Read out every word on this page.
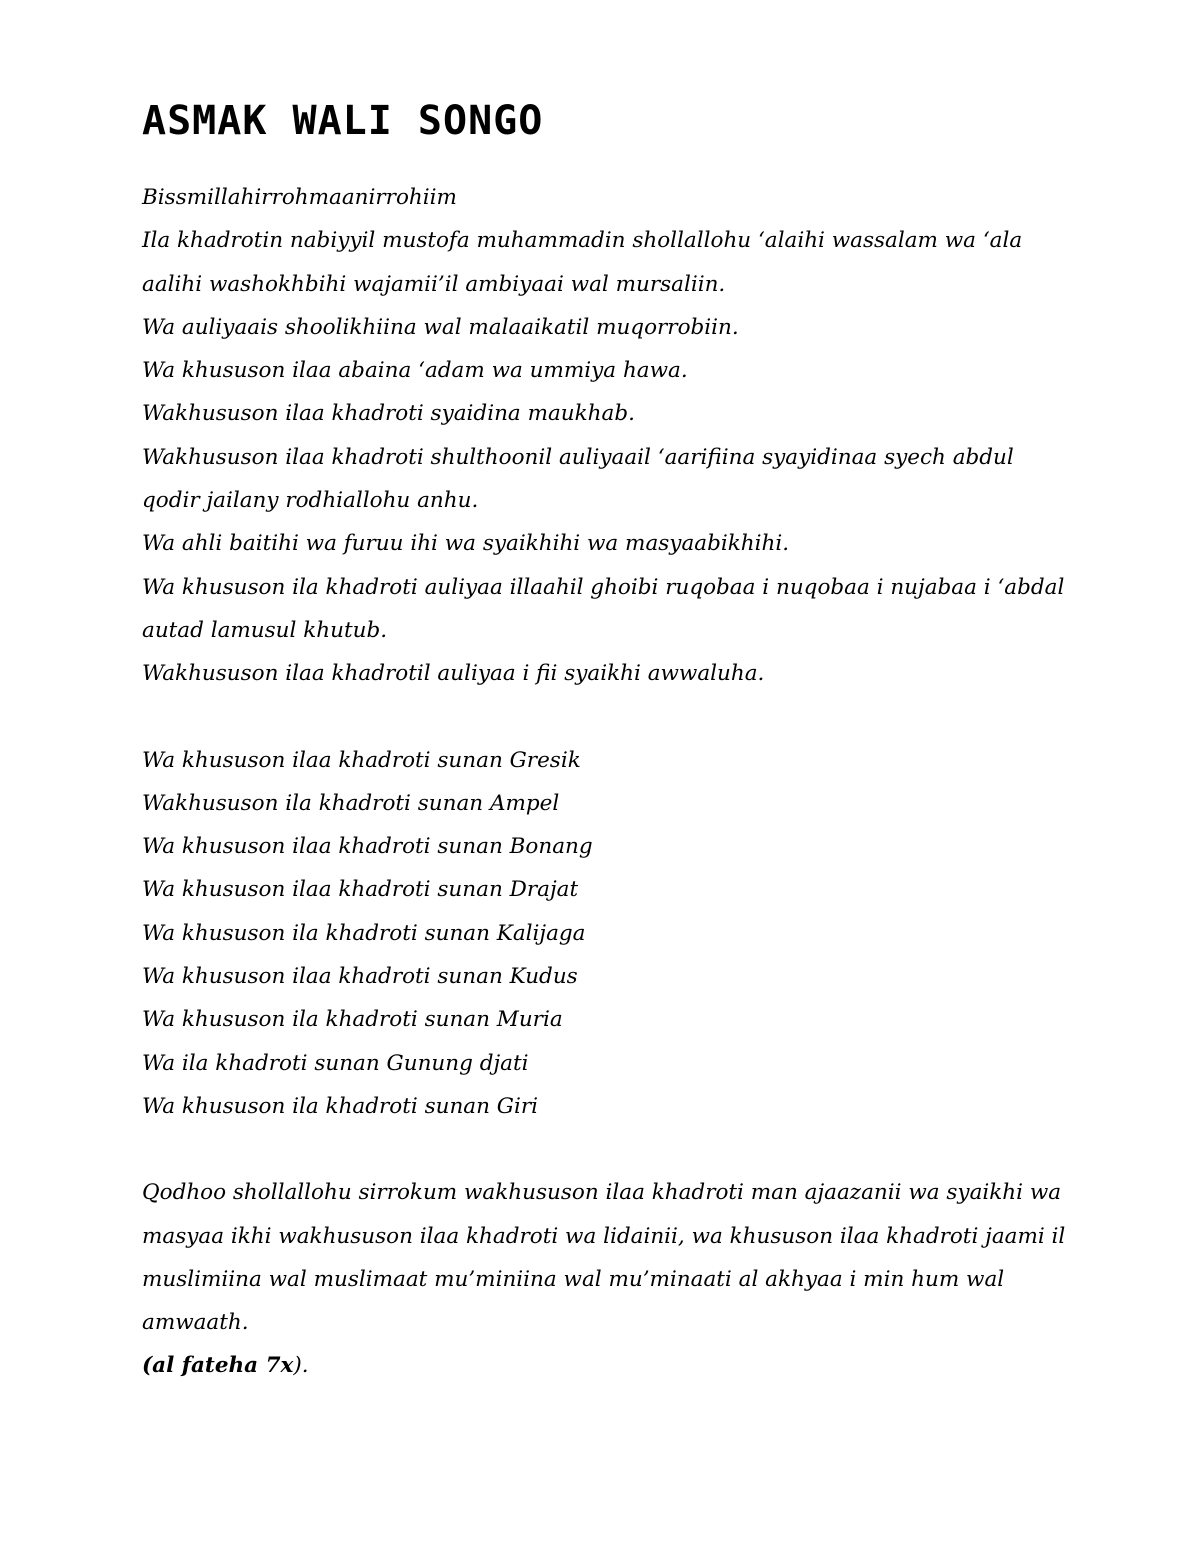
ASMAK WALI SONGO
Bissmillahirrohmaanirrohiim
Ila khadrotin nabiyyil mustofa muhammadin shollallohu ‘alaihi wassalam wa ‘ala aalihi washokhbihi wajamii’il ambiyaai wal mursaliin.
Wa auliyaais shoolikhiina wal malaaikatil muqorrobiin.
Wa khususon ilaa abaina ‘adam wa ummiya hawa.
Wakhususon ilaa khadroti syaidina maukhab.
Wakhususon ilaa khadroti shulthoonil auliyaail ‘aarifiina syayidinaa syech abdul qodir jailany rodhiallohu anhu.
Wa ahli baitihi wa furuu ihi wa syaikhihi wa masyaabikhihi.
Wa khususon ila khadroti auliyaa illaahil ghoibi ruqobaa i nuqobaa i nujabaa i ‘abdal autad lamusul khutub.
Wakhususon ilaa khadrotil auliyaa i fii syaikhi awwaluha.
Wa khususon ilaa khadroti sunan Gresik
Wakhususon ila khadroti sunan Ampel
Wa khususon ilaa khadroti sunan Bonang
Wa khususon ilaa khadroti sunan Drajat
Wa khususon ila khadroti sunan Kalijaga
Wa khususon ilaa khadroti sunan Kudus
Wa khususon ila khadroti sunan Muria
Wa ila khadroti sunan Gunung djati
Wa khususon ila khadroti sunan Giri
Qodhoo shollallohu sirrokum wakhususon ilaa khadroti man ajaazanii wa syaikhi wa masyaa ikhi wakhususon ilaa khadroti wa lidainii, wa khususon ilaa khadroti jaami il muslimiina wal muslimaat mu’miniina wal mu’minaati al akhyaa i min hum wal amwaath.
(al fateha 7x).
